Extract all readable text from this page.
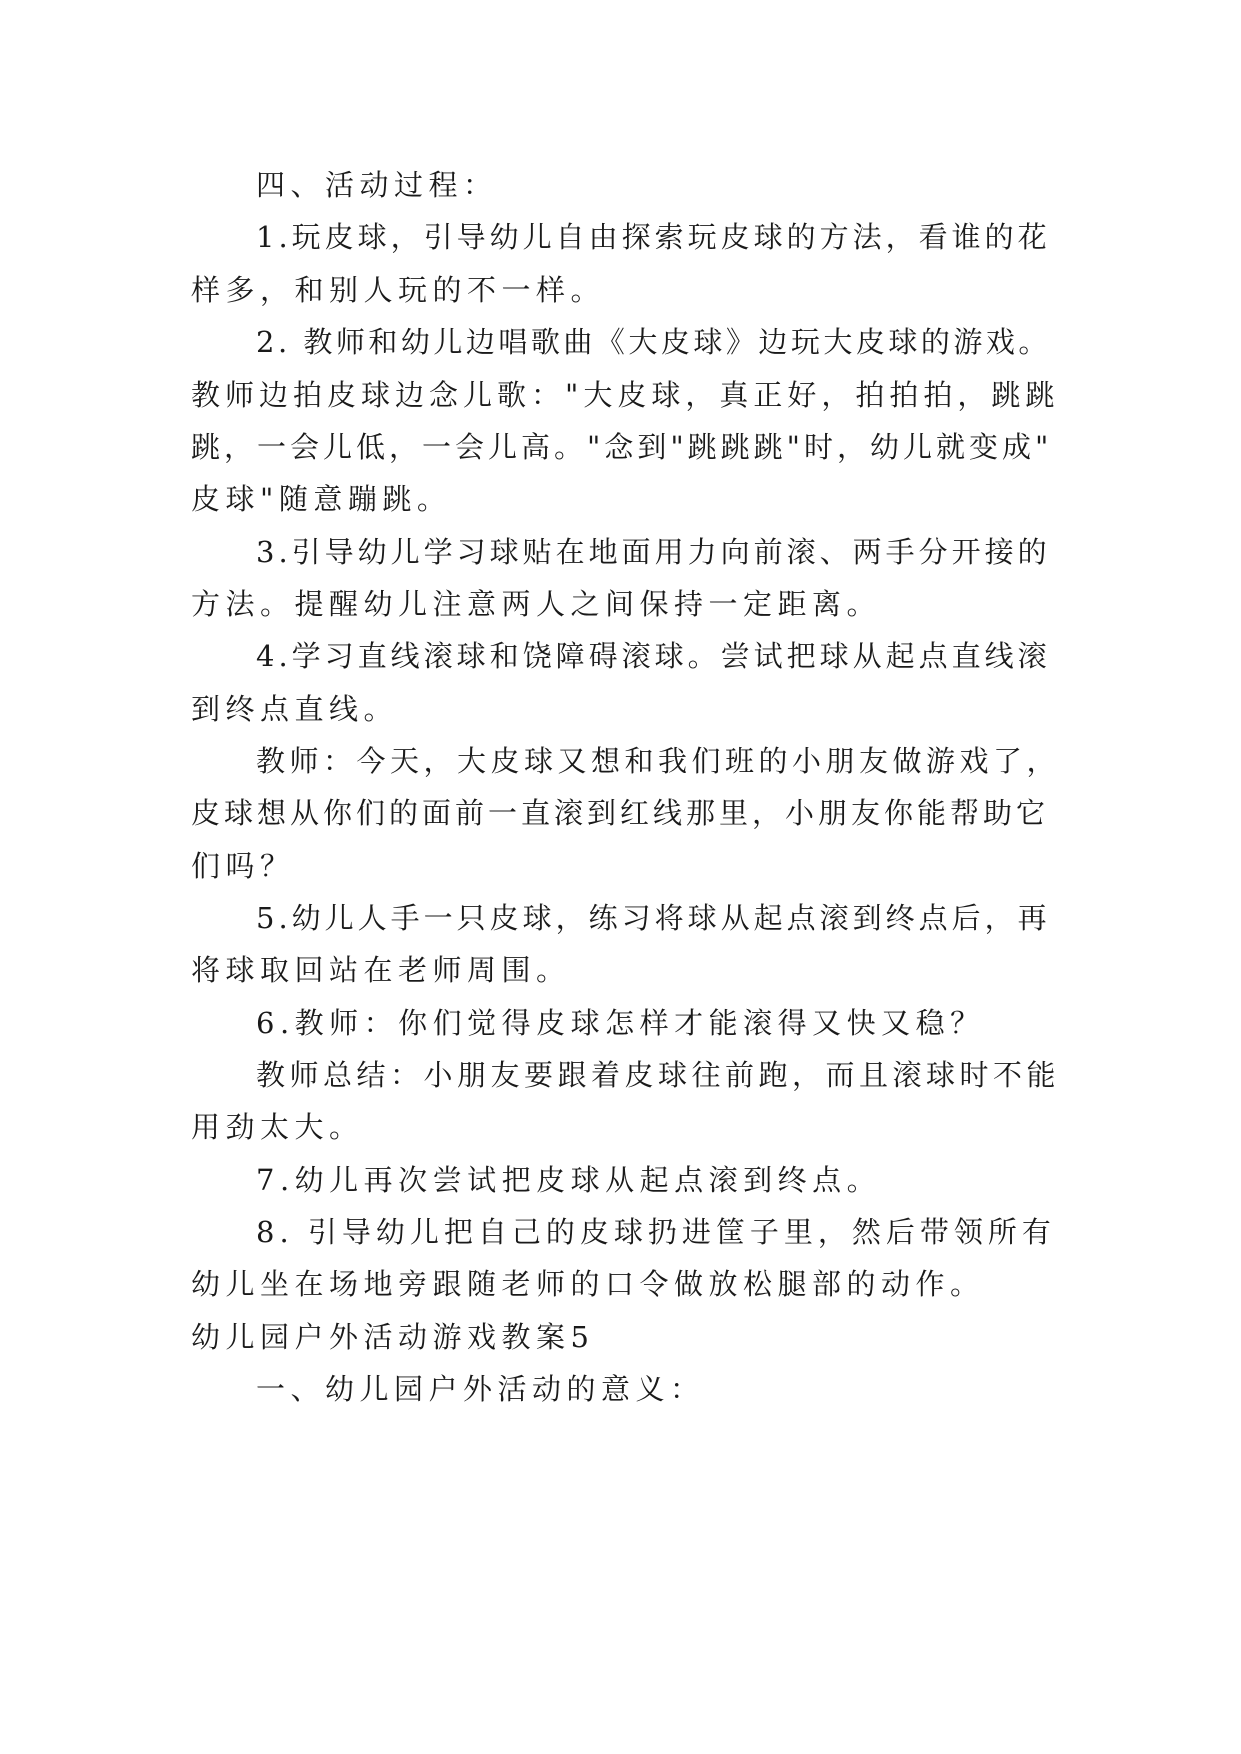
四、活动过程：
1.玩皮球，引导幼儿自由探索玩皮球的方法，看谁的花
样多，和别人玩的不一样。
2. 教师和幼儿边唱歌曲《大皮球》边玩大皮球的游戏。
教师边拍皮球边念儿歌："大皮球，真正好，拍拍拍，跳跳
跳，一会儿低，一会儿高。"念到"跳跳跳"时，幼儿就变成"
皮球"随意蹦跳。
3.引导幼儿学习球贴在地面用力向前滚、两手分开接的
方法。提醒幼儿注意两人之间保持一定距离。
4.学习直线滚球和饶障碍滚球。尝试把球从起点直线滚
到终点直线。
教师：今天，大皮球又想和我们班的小朋友做游戏了，
皮球想从你们的面前一直滚到红线那里，小朋友你能帮助它
们吗？
5.幼儿人手一只皮球，练习将球从起点滚到终点后，再
将球取回站在老师周围。
6.教师：你们觉得皮球怎样才能滚得又快又稳？
教师总结：小朋友要跟着皮球往前跑，而且滚球时不能
用劲太大。
7.幼儿再次尝试把皮球从起点滚到终点。
8. 引导幼儿把自己的皮球扔进筐子里，然后带领所有
幼儿坐在场地旁跟随老师的口令做放松腿部的动作。
幼儿园户外活动游戏教案5
一、幼儿园户外活动的意义：
